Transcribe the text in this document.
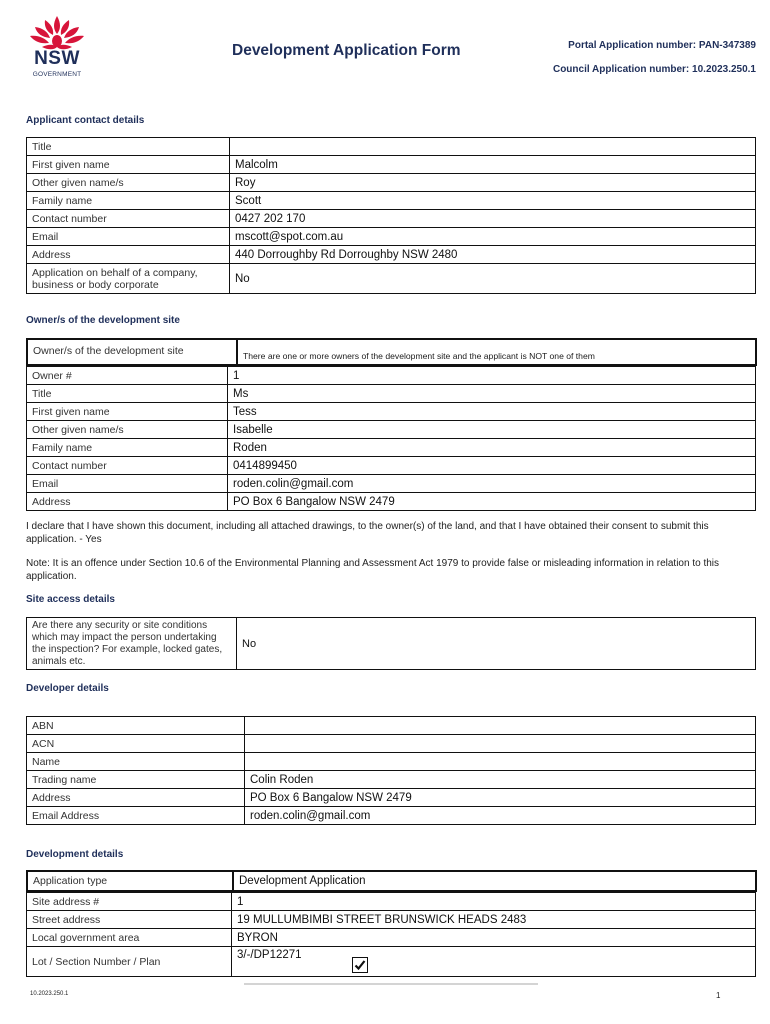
NSW
GOVERNMENT
Development Application Form	Portal Application number: PAN-347389
Council Application number: 10.2023.250.1
Applicant contact details
Title	
First given name	Malcolm
Other given name/s	Roy
Family name	Scott
Contact number	0427 202 170
Email	mscott@spot.com.au
Address	440 Dorroughby Rd Dorroughby NSW 2480
Application on behalf of a company, business or body corporate	No
Owner/s of the development site
Owner/s of the development site	There are one or more owners of the development site and the applicant is NOT one of them
Owner #	1
Title	Ms
First given name	Tess
Other given name/s	Isabelle
Family name	Roden
Contact number	0414899450
Email	roden.colin@gmail.com
Address	PO Box 6 Bangalow NSW 2479
I declare that I have shown this document, including all attached drawings, to the owner(s) of the land, and that I have obtained their consent to submit this application. - Yes
Note: It is an offence under Section 10.6 of the Environmental Planning and Assessment Act 1979 to provide false or misleading information in relation to this application.
Site access details
Are there any security or site conditions which may impact the person undertaking the inspection? For example, locked gates, animals etc.	No
Developer details
ABN	
ACN	
Name	
Trading name	Colin Roden
Address	PO Box 6 Bangalow NSW 2479
Email Address	roden.colin@gmail.com
Development details
Application type	Development Application
Site address #	1
Street address	19 MULLUMBIMBI STREET BRUNSWICK HEADS 2483
Local government area	BYRON
Lot / Section Number / Plan	3/-/DP12271
10.2023.250.1	1
